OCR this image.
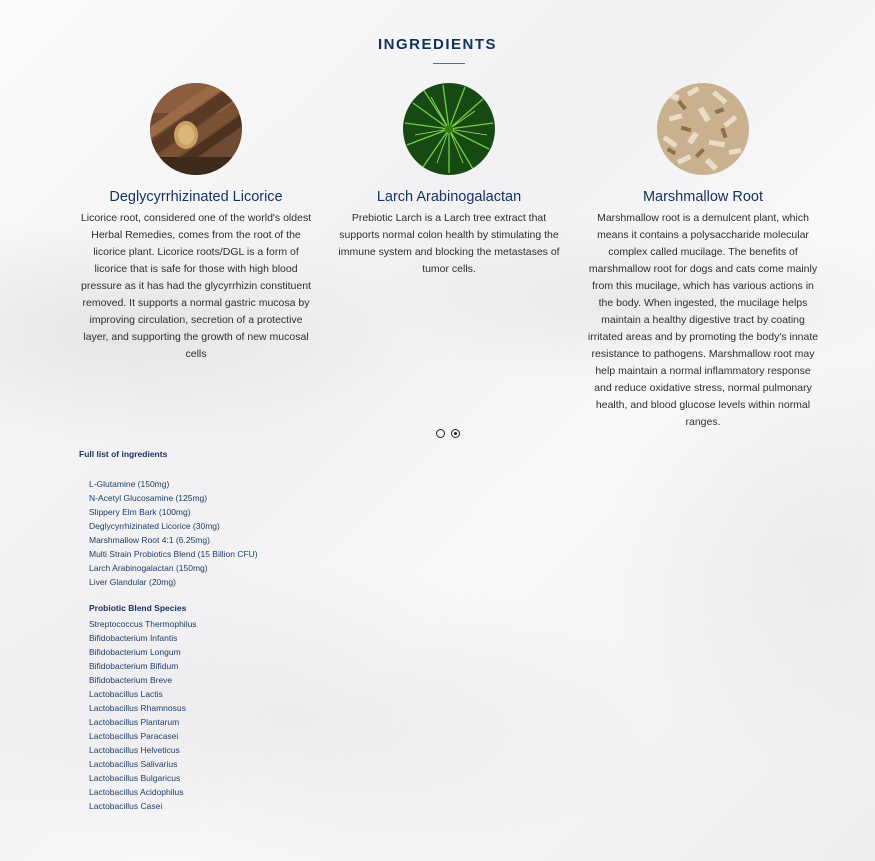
INGREDIENTS
Deglycyrrhizinated Licorice
Licorice root, considered one of the world's oldest Herbal Remedies, comes from the root of the licorice plant. Licorice roots/DGL is a form of licorice that is safe for those with high blood pressure as it has had the glycyrrhizin constituent removed. It supports a normal gastric mucosa by improving circulation, secretion of a protective layer, and supporting the growth of new mucosal cells
Larch Arabinogalactan
Prebiotic Larch is a Larch tree extract that supports normal colon health by stimulating the immune system and blocking the metastases of tumor cells.
Marshmallow Root
Marshmallow root is a demulcent plant, which means it contains a polysaccharide molecular complex called mucilage. The benefits of marshmallow root for dogs and cats come mainly from this mucilage, which has various actions in the body. When ingested, the mucilage helps maintain a healthy digestive tract by coating irritated areas and by promoting the body's innate resistance to pathogens. Marshmallow root may help maintain a normal inflammatory response and reduce oxidative stress, normal pulmonary health, and blood glucose levels within normal ranges.
Full list of ingredients
L-Glutamine (150mg)
N-Acetyl Glucosamine (125mg)
Slippery Elm Bark (100mg)
Deglycyrrhizinated Licorice (30mg)
Marshmallow Root 4:1 (6.25mg)
Multi Strain Probiotics Blend (15 Billion CFU)
Larch Arabinogalactan (150mg)
Liver Glandular (20mg)
Probiotic Blend Species
Streptococcus Thermophilus
Bifidobacterium Infantis
Bifidobacterium Longum
Bifidobacterium Bifidum
Bifidobacterium Breve
Lactobacillus Lactis
Lactobacillus Rhamnosus
Lactobacillus Plantarum
Lactobacillus Paracasei
Lactobacillus Helveticus
Lactobacillus Salivarius
Lactobacillus Bulgaricus
Lactobacillus Acidophilus
Lactobacillus Casei
